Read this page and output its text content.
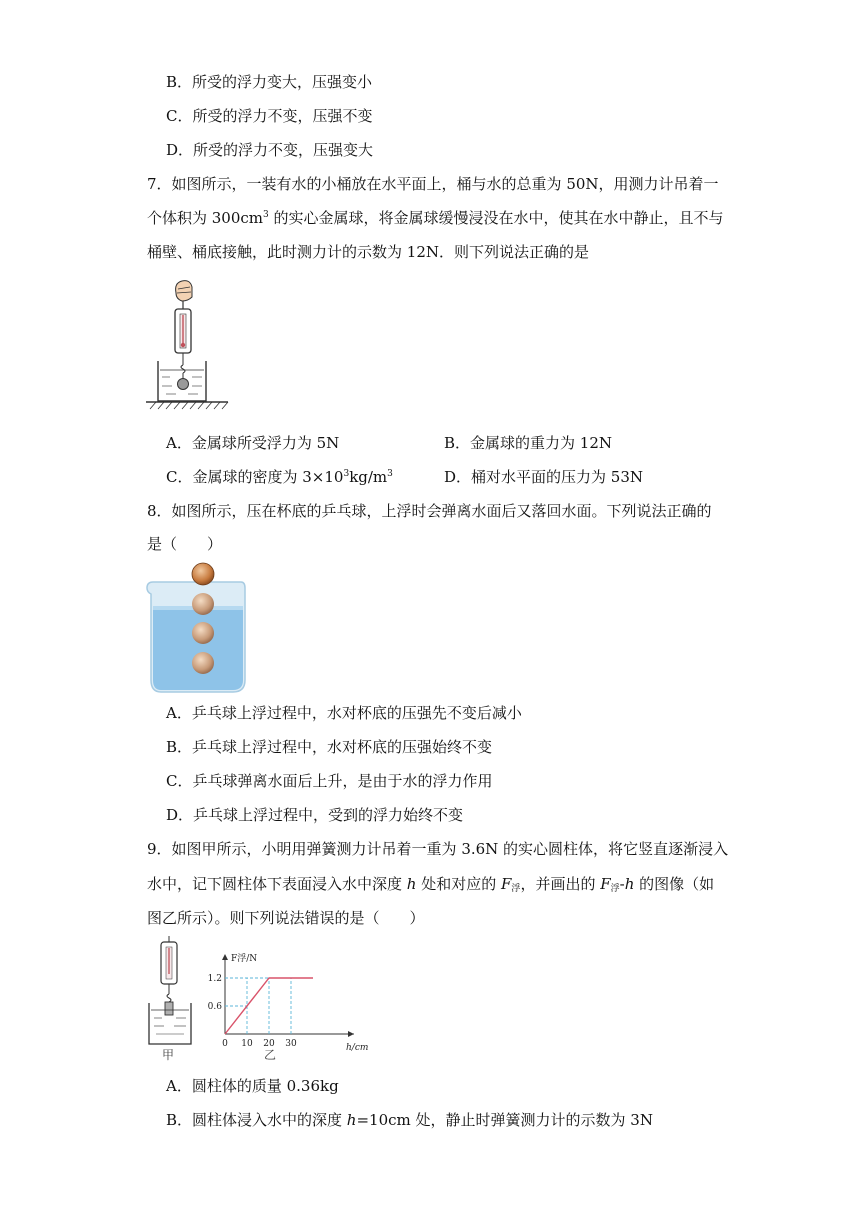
B．所受的浮力变大，压强变小
C．所受的浮力不变，压强不变
D．所受的浮力不变，压强变大
7．如图所示，一装有水的小桶放在水平面上，桶与水的总重为 50N，用测力计吊着一
个体积为 $300cm^3$ 的实心金属球，将金属球缓慢浸没在水中，使其在水中静止，且不与
桶壁、桶底接触，此时测力计的示数为 12N．则下列说法正确的是
A．金属球所受浮力为 5N	B．金属球的重力为 12N
C．金属球的密度为 $3\times 10^3kg/m^3$	D．桶对水平面的压力为 53N
8．如图所示，压在杯底的乒乓球，上浮时会弹离水面后又落回水面。下列说法正确的
是（　　）
A．乒乓球上浮过程中，水对杯底的压强先不变后减小
B．乒乓球上浮过程中，水对杯底的压强始终不变
C．乒乓球弹离水面后上升，是由于水的浮力作用
D．乒乓球上浮过程中，受到的浮力始终不变
9．如图甲所示，小明用弹簧测力计吊着一重为 3.6N 的实心圆柱体，将它竖直逐渐浸入
水中，记下圆柱体下表面浸入水中深度 h 处和对应的 $F_浮$，并画出的 $F_浮-h$ 的图像（如
图乙所示）。则下列说法错误的是（　　）
甲
F浮/N
h/cm
0 10 20 30
0.6
1.2
乙
A．圆柱体的质量 0.36kg
B．圆柱体浸入水中的深度 h=10cm 处，静止时弹簧测力计的示数为 3N
